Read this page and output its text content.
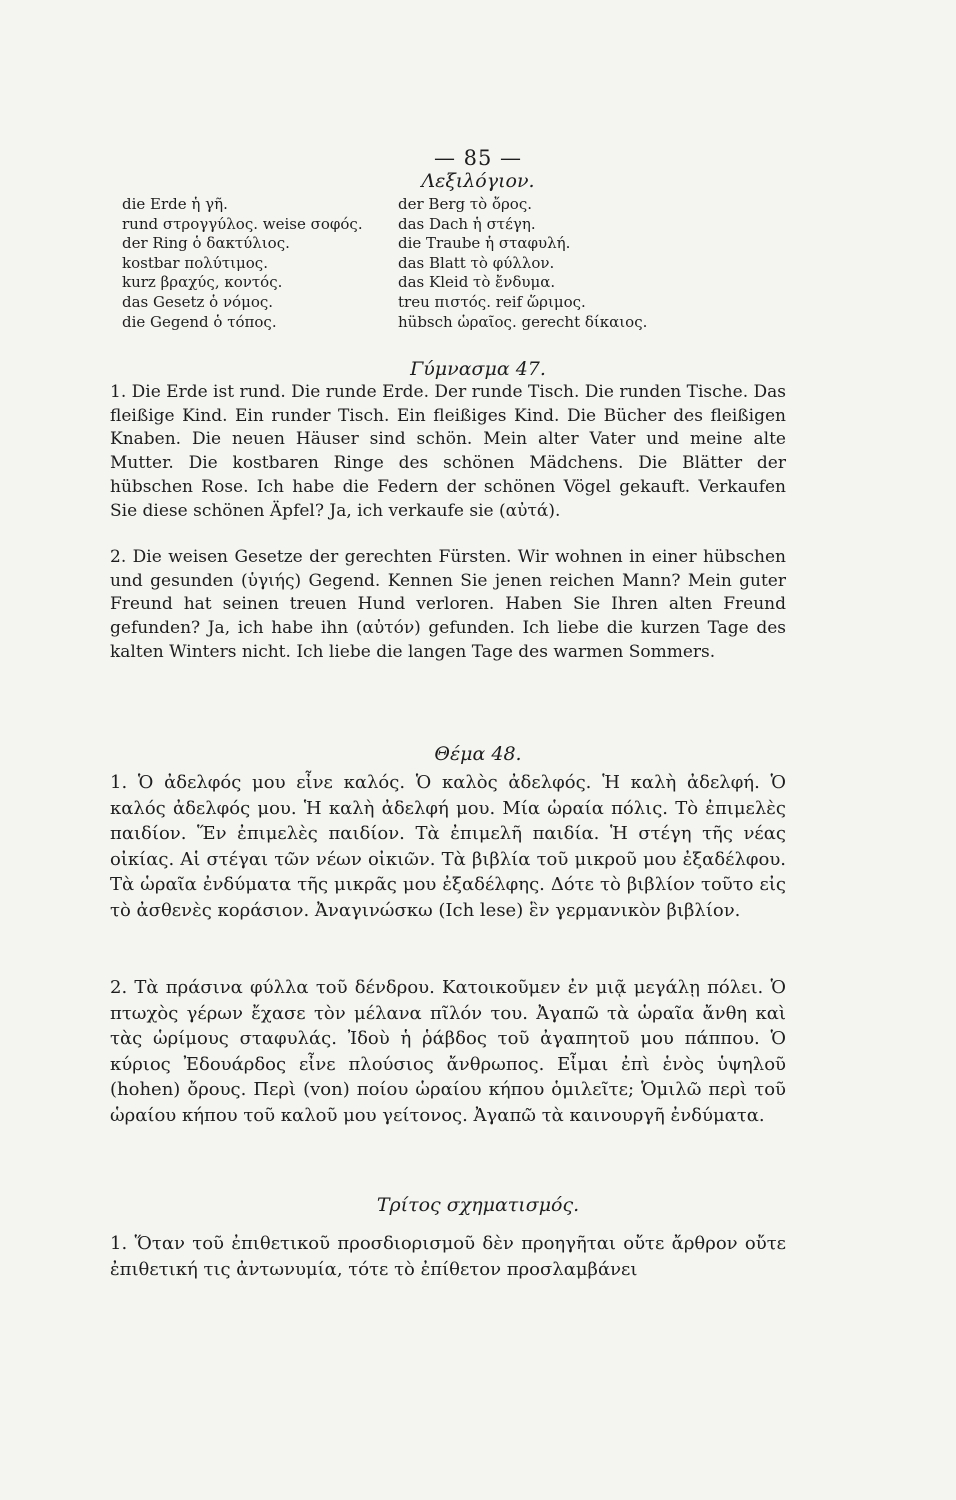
— 85 —
Λεξιλόγιον.
die Erde ἡ γῆ.
rund στρογγύλος. weise σοφός.
der Ring ὁ δακτύλιος.
kostbar πολύτιμος.
kurz βραχύς, κοντός.
das Gesetz ὁ νόμος.
die Gegend ὁ τόπος.
der Berg τὸ ὄρος.
das Dach ἡ στέγη.
die Traube ἡ σταφυλή.
das Blatt τὸ φύλλον.
das Kleid τὸ ἔνδυμα.
treu πιστός. reif ὥριμος.
hübsch ὡραῖος. gerecht δίκαιος.
Γύμνασμα 47.

1. Die Erde ist rund. Die runde Erde. Der runde Tisch. Die runden Tische. Das fleißige Kind. Ein runder Tisch. Ein fleißiges Kind. Die Bücher des fleißigen Knaben. Die neuen Häuser sind schön. Mein alter Vater und meine alte Mutter. Die kostbaren Ringe des schönen Mädchens. Die Blätter der hübschen Rose. Ich habe die Federn der schönen Vögel gekauft. Verkaufen Sie diese schönen Äpfel? Ja, ich verkaufe sie (αὐτά).

2. Die weisen Gesetze der gerechten Fürsten. Wir wohnen in einer hübschen und gesunden (ὑγιής) Gegend. Kennen Sie jenen reichen Mann? Mein guter Freund hat seinen treuen Hund verloren. Haben Sie Ihren alten Freund gefunden? Ja, ich habe ihn (αὐτόν) gefunden. Ich liebe die kurzen Tage des kalten Winters nicht. Ich liebe die langen Tage des warmen Sommers.

Θέμα 48.

1. Ὁ ἀδελφός μου εἶνε καλός. Ὁ καλὸς ἀδελφός. Ἡ καλὴ ἀδελφή. Ὁ καλός ἀδελφός μου. Ἡ καλὴ ἀδελφή μου. Μία ὡραία πόλις. Τὸ ἐπιμελὲς παιδίον. Ἕν ἐπιμελὲς παιδίον. Τὰ ἐπιμελῆ παιδία. Ἡ στέγη τῆς νέας οἰκίας. Αἱ στέγαι τῶν νέων οἰκιῶν. Τὰ βιβλία τοῦ μικροῦ μου ἐξαδέλφου. Τὰ ὡραῖα ἐνδύματα τῆς μικρᾶς μου ἐξαδέλφης. Δότε τὸ βιβλίον τοῦτο εἰς τὸ ἀσθενὲς κοράσιον. Ἀναγινώσκω (Ich lese) ἓν γερμανικὸν βιβλίον.

2. Τὰ πράσινα φύλλα τοῦ δένδρου. Κατοικοῦμεν ἐν μιᾷ μεγάλῃ πόλει. Ὁ πτωχὸς γέρων ἔχασε τὸν μέλανα πῖλόν του. Ἀγαπῶ τὰ ὡραῖα ἄνθη καὶ τὰς ὡρίμους σταφυλάς. Ἰδοὺ ἡ ῥάβδος τοῦ ἀγαπητοῦ μου πάππου. Ὁ κύριος Ἐδουάρδος εἶνε πλούσιος ἄνθρωπος. Εἶμαι ἐπὶ ἑνὸς ὑψηλοῦ (hohen) ὄρους. Περὶ (von) ποίου ὡραίου κήπου ὁμιλεῖτε; Ὁμιλῶ περὶ τοῦ ὡραίου κήπου τοῦ καλοῦ μου γείτονος. Ἀγαπῶ τὰ καινουργῆ ἐνδύματα.

Τρίτος σχηματισμός.

1. Ὅταν τοῦ ἐπιθετικοῦ προσδιορισμοῦ δὲν προηγῆται οὔτε ἄρθρον οὔτε ἐπιθετική τις ἀντωνυμία, τότε τὸ ἐπίθετον προσλαμβάνει
